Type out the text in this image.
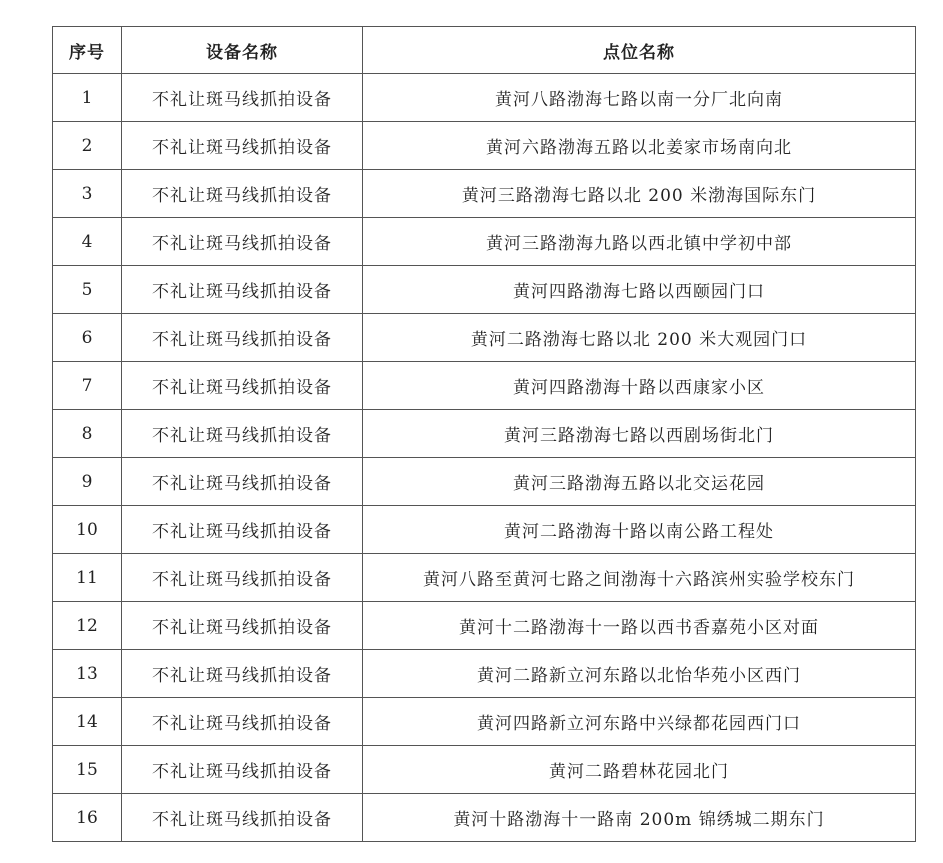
序号	设备名称	点位名称
1	不礼让斑马线抓拍设备	黄河八路渤海七路以南一分厂北向南
2	不礼让斑马线抓拍设备	黄河六路渤海五路以北姜家市场南向北
3	不礼让斑马线抓拍设备	黄河三路渤海七路以北 200 米渤海国际东门
4	不礼让斑马线抓拍设备	黄河三路渤海九路以西北镇中学初中部
5	不礼让斑马线抓拍设备	黄河四路渤海七路以西颐园门口
6	不礼让斑马线抓拍设备	黄河二路渤海七路以北 200 米大观园门口
7	不礼让斑马线抓拍设备	黄河四路渤海十路以西康家小区
8	不礼让斑马线抓拍设备	黄河三路渤海七路以西剧场街北门
9	不礼让斑马线抓拍设备	黄河三路渤海五路以北交运花园
10	不礼让斑马线抓拍设备	黄河二路渤海十路以南公路工程处
11	不礼让斑马线抓拍设备	黄河八路至黄河七路之间渤海十六路滨州实验学校东门
12	不礼让斑马线抓拍设备	黄河十二路渤海十一路以西书香嘉苑小区对面
13	不礼让斑马线抓拍设备	黄河二路新立河东路以北怡华苑小区西门
14	不礼让斑马线抓拍设备	黄河四路新立河东路中兴绿都花园西门口
15	不礼让斑马线抓拍设备	黄河二路碧林花园北门
16	不礼让斑马线抓拍设备	黄河十路渤海十一路南 200m 锦绣城二期东门
